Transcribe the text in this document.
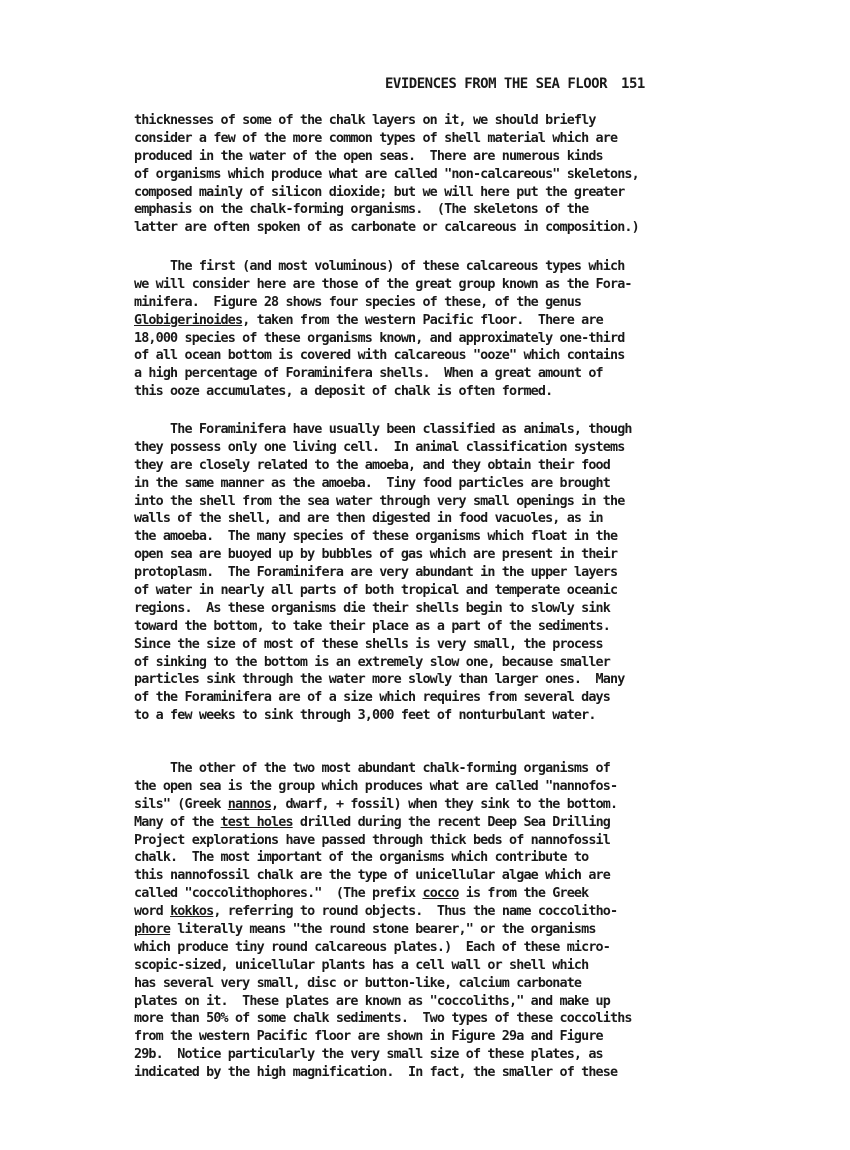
EVIDENCES FROM THE SEA FLOOR 151
thicknesses of some of the chalk layers on it, we should briefly
consider a few of the more common types of shell material which are
produced in the water of the open seas.  There are numerous kinds
of organisms which produce what are called "non-calcareous" skeletons,
composed mainly of silicon dioxide; but we will here put the greater
emphasis on the chalk-forming organisms.  (The skeletons of the
latter are often spoken of as carbonate or calcareous in composition.)
The first (and most voluminous) of these calcareous types which
we will consider here are those of the great group known as the Fora-
minifera.  Figure 28 shows four species of these, of the genus
Globigerinoides, taken from the western Pacific floor.  There are
18,000 species of these organisms known, and approximately one-third
of all ocean bottom is covered with calcareous "ooze" which contains
a high percentage of Foraminifera shells.  When a great amount of
this ooze accumulates, a deposit of chalk is often formed.
The Foraminifera have usually been classified as animals, though
they possess only one living cell.  In animal classification systems
they are closely related to the amoeba, and they obtain their food
in the same manner as the amoeba.  Tiny food particles are brought
into the shell from the sea water through very small openings in the
walls of the shell, and are then digested in food vacuoles, as in
the amoeba.  The many species of these organisms which float in the
open sea are buoyed up by bubbles of gas which are present in their
protoplasm.  The Foraminifera are very abundant in the upper layers
of water in nearly all parts of both tropical and temperate oceanic
regions.  As these organisms die their shells begin to slowly sink
toward the bottom, to take their place as a part of the sediments.
Since the size of most of these shells is very small, the process
of sinking to the bottom is an extremely slow one, because smaller
particles sink through the water more slowly than larger ones.  Many
of the Foraminifera are of a size which requires from several days
to a few weeks to sink through 3,000 feet of nonturbulant water.
The other of the two most abundant chalk-forming organisms of
the open sea is the group which produces what are called "nannofos-
sils" (Greek nannos, dwarf, + fossil) when they sink to the bottom.
Many of the test holes drilled during the recent Deep Sea Drilling
Project explorations have passed through thick beds of nannofossil
chalk.  The most important of the organisms which contribute to
this nannofossil chalk are the type of unicellular algae which are
called "coccolithophores."  (The prefix cocco is from the Greek
word kokkos, referring to round objects.  Thus the name coccolitho-
phore literally means "the round stone bearer," or the organisms
which produce tiny round calcareous plates.)  Each of these micro-
scopic-sized, unicellular plants has a cell wall or shell which
has several very small, disc or button-like, calcium carbonate
plates on it.  These plates are known as "coccoliths," and make up
more than 50% of some chalk sediments.  Two types of these coccoliths
from the western Pacific floor are shown in Figure 29a and Figure
29b.  Notice particularly the very small size of these plates, as
indicated by the high magnification.  In fact, the smaller of these
